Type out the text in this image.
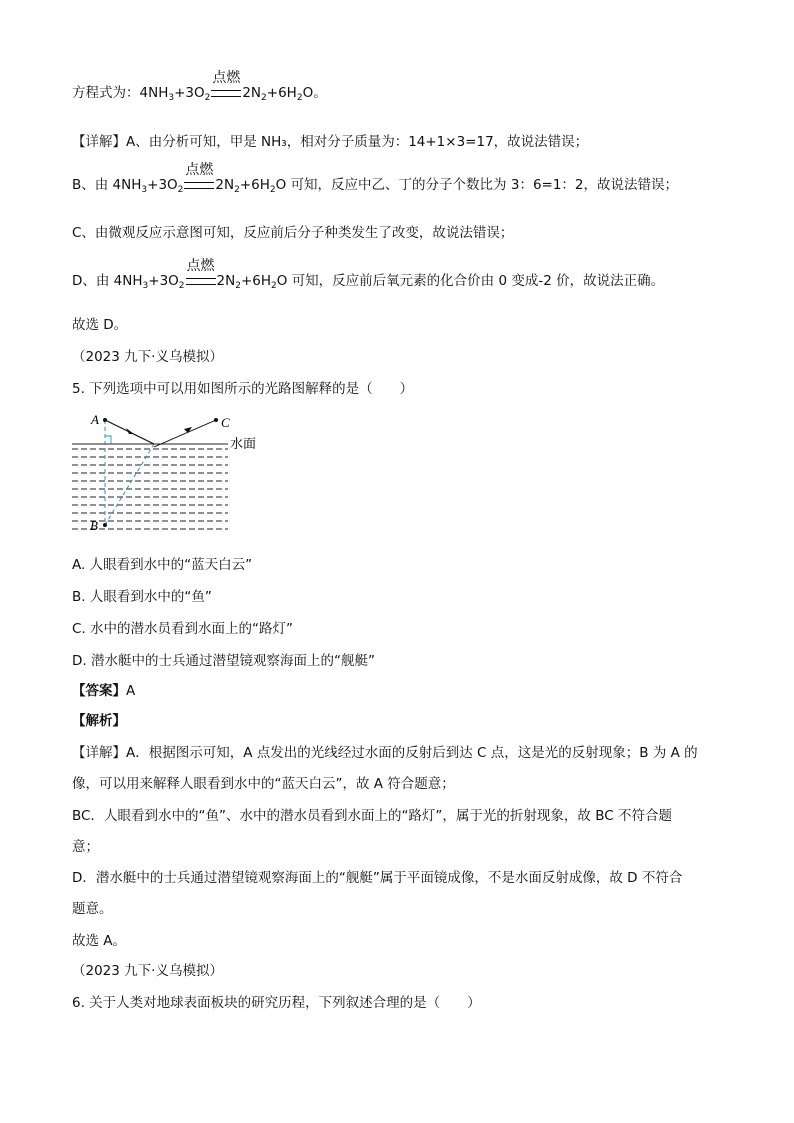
方程式为：$4NH_3+3O_2$
点燃
$2N_2+6H_2O$。
【详解】A、由分析可知，甲是 NH₃，相对分子质量为：14+1×3=17，故说法错误；
B、由 $4NH_3+3O_2$
点燃
$2N_2+6H_2O$ 可知，反应中乙、丁的分子个数比为 3：6=1：2，故说法错误；
C、由微观反应示意图可知，反应前后分子种类发生了改变，故说法错误；
D、由 $4NH_3+3O_2$
点燃
$2N_2+6H_2O$ 可知，反应前后氧元素的化合价由 0 变成-2 价，故说法正确。
故选 D。
（2023 九下·义乌模拟）
5. 下列选项中可以用如图所示的光路图解释的是（　　）
A	C
B
水面
A. 人眼看到水中的“蓝天白云”
B. 人眼看到水中的“鱼”
C. 水中的潜水员看到水面上的“路灯”
D. 潜水艇中的士兵通过潜望镜观察海面上的“舰艇”
【答案】A
【解析】
【详解】A．根据图示可知，A 点发出的光线经过水面的反射后到达 C 点，这是光的反射现象；B 为 A 的
像，可以用来解释人眼看到水中的“蓝天白云”，故 A 符合题意；
BC．人眼看到水中的“鱼”、水中的潜水员看到水面上的“路灯”，属于光的折射现象，故 BC 不符合题
意；
D．潜水艇中的士兵通过潜望镜观察海面上的“舰艇”属于平面镜成像，不是水面反射成像，故 D 不符合
题意。
故选 A。
（2023 九下·义乌模拟）
6. 关于人类对地球表面板块的研究历程，下列叙述合理的是（　　）
